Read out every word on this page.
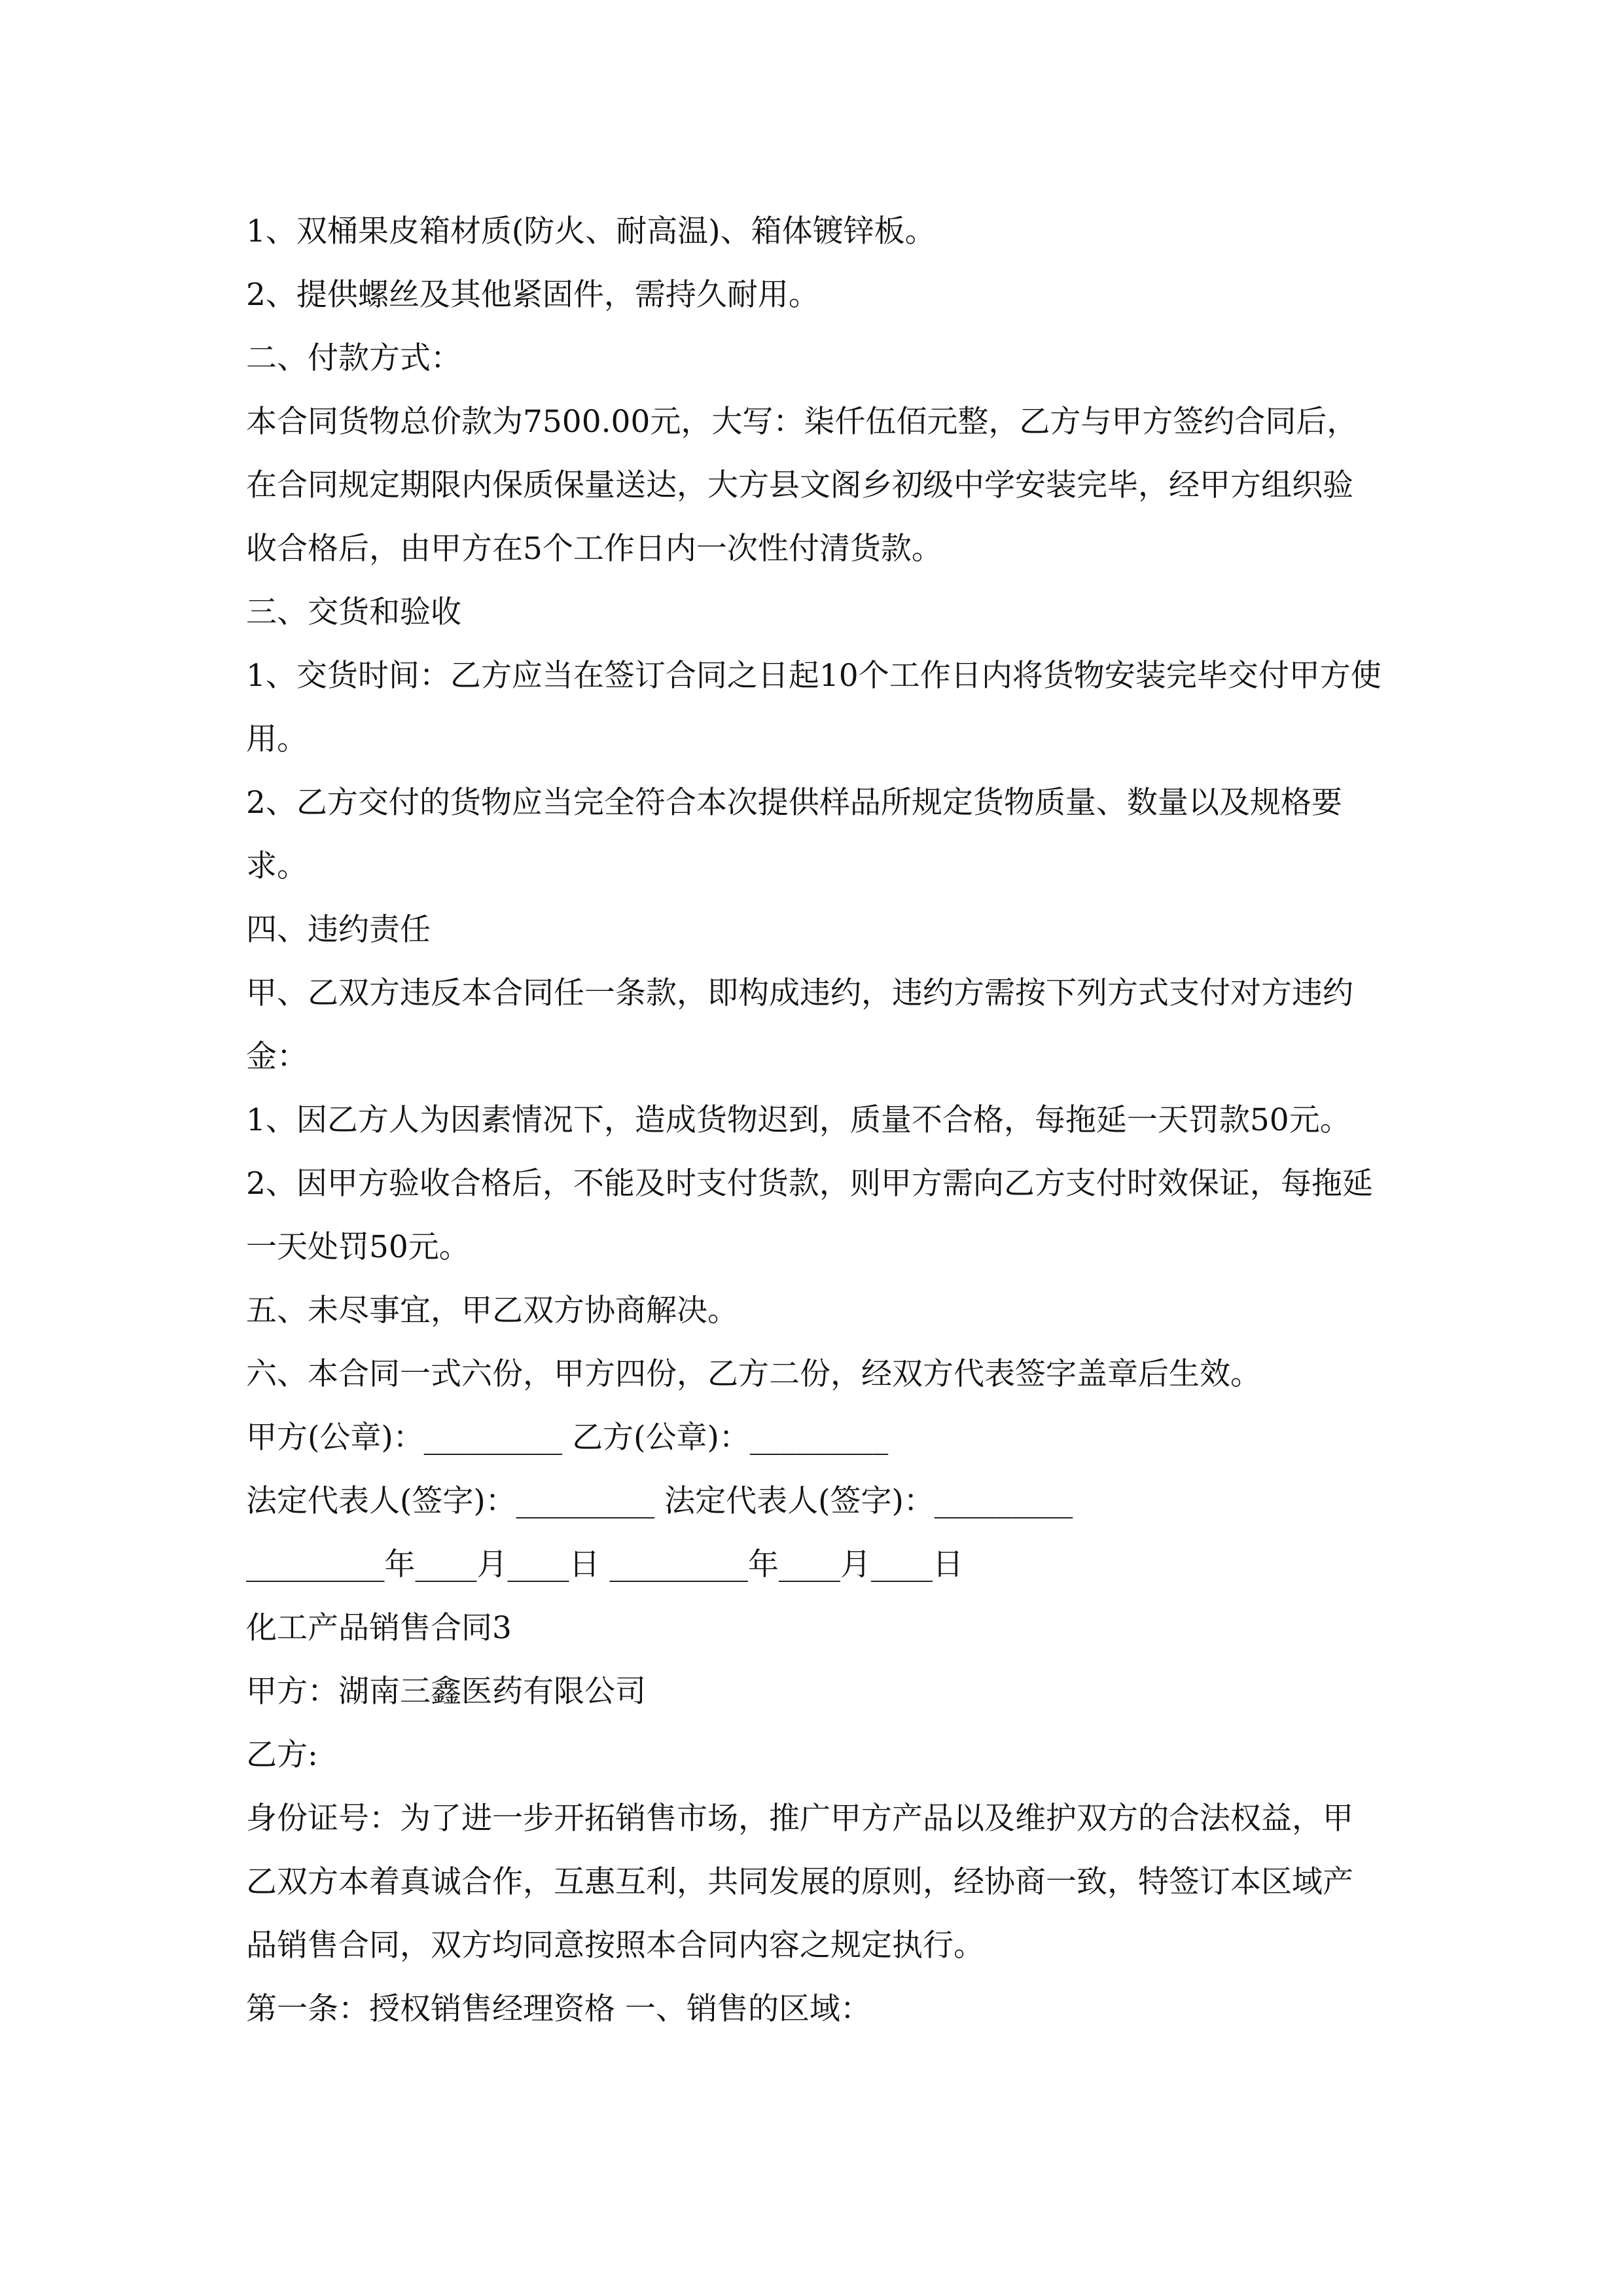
1、双桶果皮箱材质(防火、耐高温)、箱体镀锌板。

2、提供螺丝及其他紧固件，需持久耐用。

二、付款方式：

本合同货物总价款为7500.00元，大写：柒仟伍佰元整，乙方与甲方签约合同后，在合同规定期限内保质保量送达，大方县文阁乡初级中学安装完毕，经甲方组织验收合格后，由甲方在5个工作日内一次性付清货款。

三、交货和验收

1、交货时间：乙方应当在签订合同之日起10个工作日内将货物安装完毕交付甲方使用。

2、乙方交付的货物应当完全符合本次提供样品所规定货物质量、数量以及规格要求。

四、违约责任

甲、乙双方违反本合同任一条款，即构成违约，违约方需按下列方式支付对方违约金：

1、因乙方人为因素情况下，造成货物迟到，质量不合格，每拖延一天罚款50元。

2、因甲方验收合格后，不能及时支付货款，则甲方需向乙方支付时效保证，每拖延一天处罚50元。

五、未尽事宜，甲乙双方协商解决。

六、本合同一式六份，甲方四份，乙方二份，经双方代表签字盖章后生效。

甲方(公章)：_________ 乙方(公章)：_________

法定代表人(签字)：_________ 法定代表人(签字)：_________

_________年____月____日 _________年____月____日

化工产品销售合同3

甲方：湖南三鑫医药有限公司

乙方:

身份证号：为了进一步开拓销售市场，推广甲方产品以及维护双方的合法权益，甲乙双方本着真诚合作，互惠互利，共同发展的原则，经协商一致，特签订本区域产品销售合同，双方均同意按照本合同内容之规定执行。

第一条：授权销售经理资格 一、销售的区域：
